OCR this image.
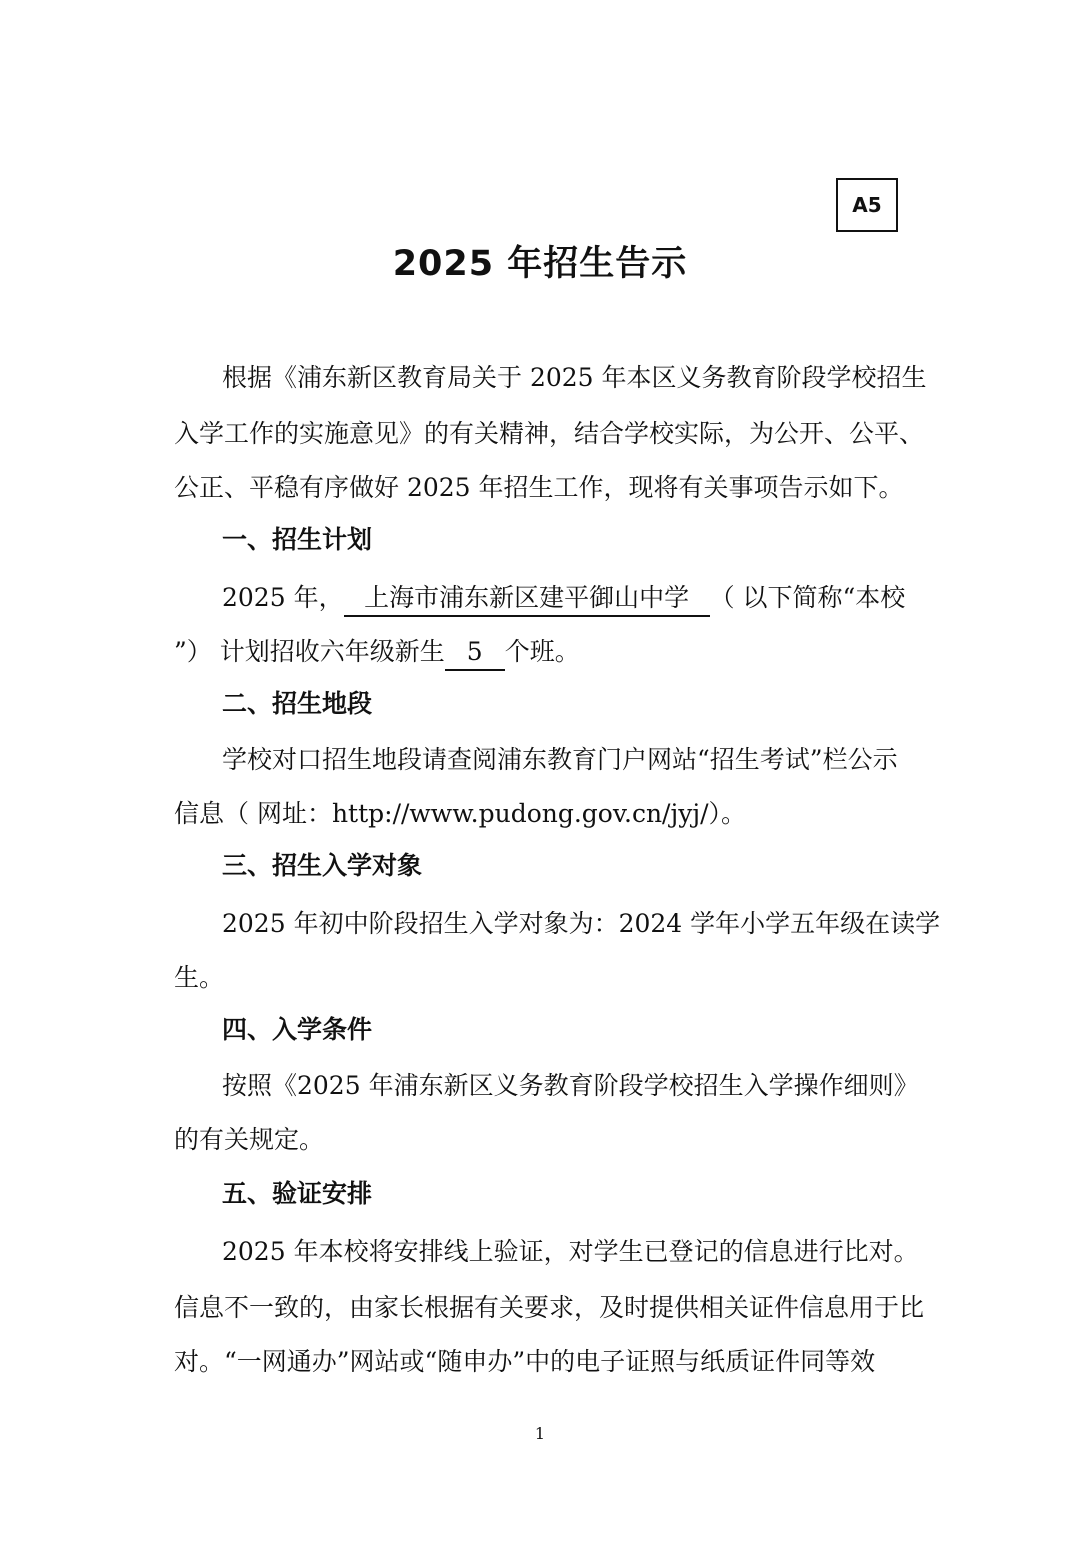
A5
2025 年招生告示
根据《浦东新区教育局关于 2025 年本区义务教育阶段学校招生
入学工作的实施意见》的有关精神，结合学校实际，为公开、公平、
公正、平稳有序做好 2025 年招生工作，现将有关事项告示如下。
一、招生计划
2025 年， 上海市浦东新区建平御山中学 （ 以下简称“本校
”） 计划招收六年级新生 5 个班。
二、招生地段
学校对口招生地段请查阅浦东教育门户网站“招生考试”栏公示
信息（ 网址：http://www.pudong.gov.cn/jyj/）。
三、招生入学对象
2025 年初中阶段招生入学对象为：2024 学年小学五年级在读学
生。
四、入学条件
按照《2025 年浦东新区义务教育阶段学校招生入学操作细则》
的有关规定。
五、验证安排
2025 年本校将安排线上验证，对学生已登记的信息进行比对。
信息不一致的，由家长根据有关要求，及时提供相关证件信息用于比
对。“一网通办”网站或“随申办”中的电子证照与纸质证件同等效
1
